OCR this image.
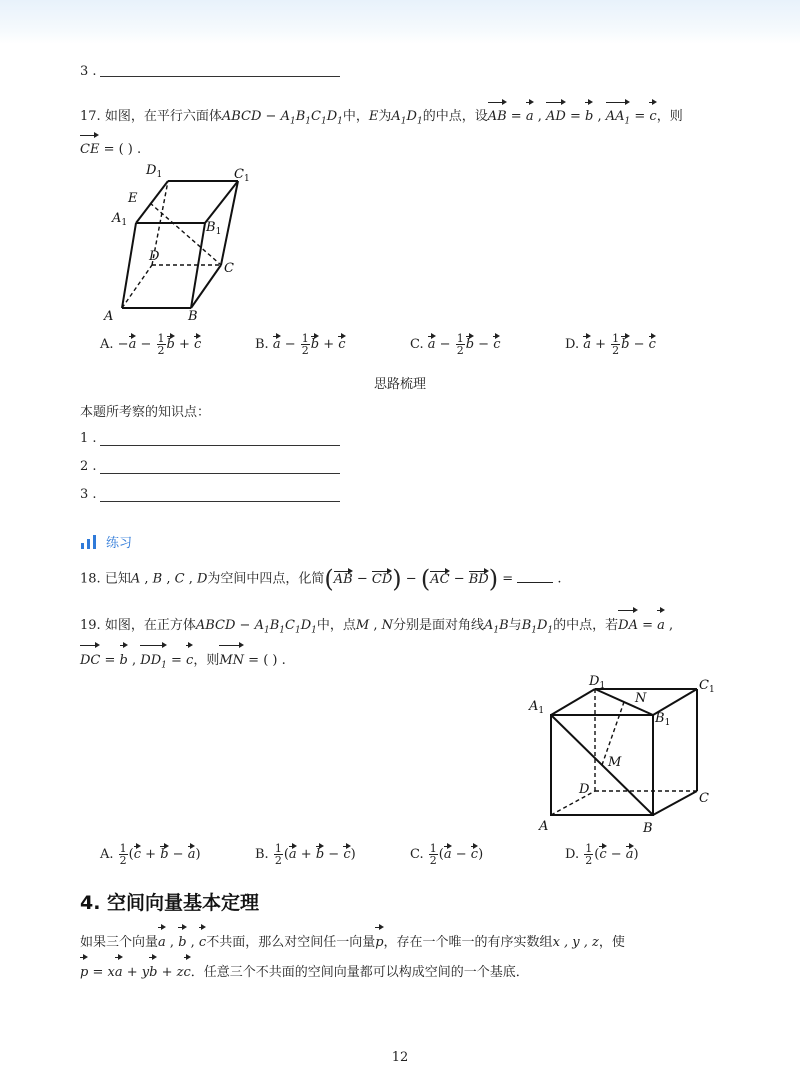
3 .
17. 如图，在平行六面体ABCD − $A_1B_1C_1D_1$中，E为$A_1D_1$的中点，设AB = a , AD = b , $AA_1 = c$，则
CE = ( ) .
$D_1$	$C_1$
E
$A_1$	$B_1$
D
C
A	B
A. $-a - \frac{1}{2}$ b + c	B. $a - \frac{1}{2}$ b + c	C. $a - \frac{1}{2}$ b − c	D. $a + \frac{1}{2}$ b − c
思路梳理
本题所考察的知识点：
1 .
2 .
3 .
练习
18. 已知A , B , C , D为空间中四点，化简(AB − CD) − (AC − BD) =	.
19. 如图，在正方体ABCD − $A_1B_1C_1D_1$中，点M , N分别是面对角线$A_1B$与$B_1D_1$的中点，若DA = a ,
DC = b , $DD_1 = c$，则MN = ( ) .
$D_1$
N
$C_1$
$A_1$	$B_1$
M
D
C
A	B
A. $\frac{1}{2} (c + b - a)$	B. $\frac{1}{2} (a + b - c)$	C. $\frac{1}{2} (a - c)$	D. $\frac{1}{2} (c - a)$
4. 空间向量基本定理
如果三个向量a , b , c不共面，那么对空间任一向量p，存在一个唯一的有序实数组x , y , z，使
p = xa + yb + zc．任意三个不共面的空间向量都可以构成空间的一个基底．
12
